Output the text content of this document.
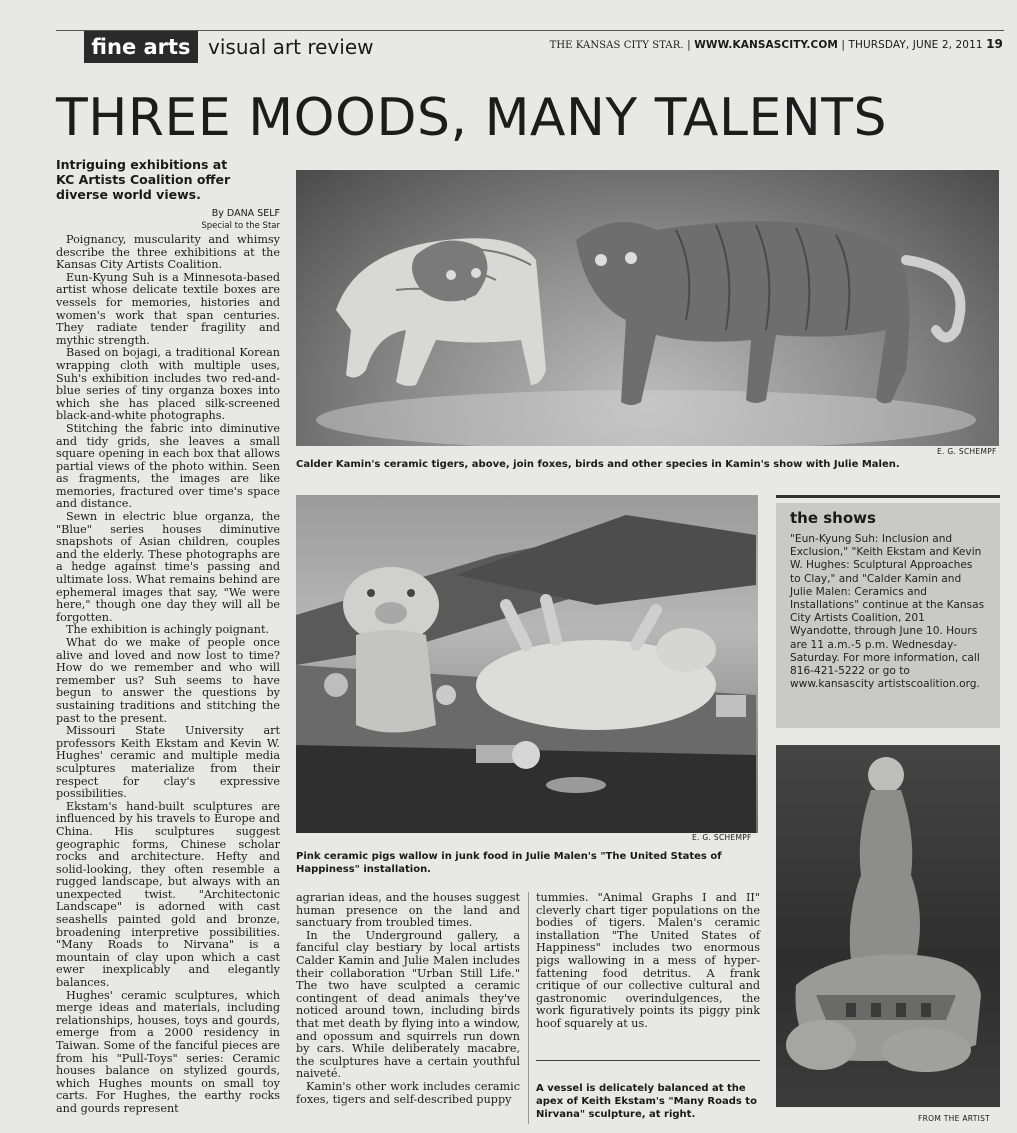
fine arts visual art review	THE KANSAS CITY STAR. | WWW.KANSASCITY.COM | THURSDAY, JUNE 2, 2011 19
THREE MOODS, MANY TALENTS
Intriguing exhibitions at KC Artists Coalition offer diverse world views.
By DANA SELF
Special to the Star

Poignancy, muscularity and whimsy describe the three exhibitions at the Kansas City Artists Coalition.

Eun-Kyung Suh is a Minnesota-based artist whose delicate textile boxes are vessels for memories, histories and women's work that span centuries. They radiate tender fragility and mythic strength.

Based on bojagi, a traditional Korean wrapping cloth with multiple uses, Suh's exhibition includes two red-and-blue series of tiny organza boxes into which she has placed silk-screened black-and-white photographs.

Stitching the fabric into diminutive and tidy grids, she leaves a small square opening in each box that allows partial views of the photo within. Seen as fragments, the images are like memories, fractured over time's space and distance.

Sewn in electric blue organza, the "Blue" series houses diminutive snapshots of Asian children, couples and the elderly. These photographs are a hedge against time's passing and ultimate loss. What remains behind are ephemeral images that say, "We were here," though one day they will all be forgotten.

The exhibition is achingly poignant.

What do we make of people once alive and loved and now lost to time? How do we remember and who will remember us? Suh seems to have begun to answer the questions by sustaining traditions and stitching the past to the present.

Missouri State University art professors Keith Ekstam and Kevin W. Hughes' ceramic and multiple media sculptures materialize from their respect for clay's expressive possibilities.

Ekstam's hand-built sculptures are influenced by his travels to Europe and China. His sculptures suggest geographic forms, Chinese scholar rocks and architecture. Hefty and solid-looking, they often resemble a rugged landscape, but always with an unexpected twist. "Architectonic Landscape" is adorned with cast seashells painted gold and bronze, broadening interpretive possibilities. "Many Roads to Nirvana" is a mountain of clay upon which a cast ewer inexplicably and elegantly balances.

Hughes' ceramic sculptures, which merge ideas and materials, including relationships, houses, toys and gourds, emerge from a 2000 residency in Taiwan. Some of the fanciful pieces are from his "Pull-Toys" series: Ceramic houses balance on stylized gourds, which Hughes mounts on small toy carts. For Hughes, the earthy rocks and gourds represent

E. G. SCHEMPF
Calder Kamin's ceramic tigers, above, join foxes, birds and other species in Kamin's show with Julie Malen.
E. G. SCHEMPF
Pink ceramic pigs wallow in junk food in Julie Malen's "The United States of Happiness" installation.
the shows
"Eun-Kyung Suh: Inclusion and Exclusion," "Keith Ekstam and Kevin W. Hughes: Sculptural Approaches to Clay," and "Calder Kamin and Julie Malen: Ceramics and Installations" continue at the Kansas City Artists Coalition, 201 Wyandotte, through June 10. Hours are 11 a.m.-5 p.m. Wednesday-Saturday. For more information, call 816-421-5222 or go to www.kansascity artistscoalition.org.
FROM THE ARTIST

agrarian ideas, and the houses suggest human presence on the land and sanctuary from troubled times.

In the Underground gallery, a fanciful clay bestiary by local artists Calder Kamin and Julie Malen includes their collaboration "Urban Still Life." The two have sculpted a ceramic contingent of dead animals they've noticed around town, including birds that met death by flying into a window, and opossum and squirrels run down by cars. While deliberately macabre, the sculptures have a certain youthful naiveté.

Kamin's other work includes ceramic foxes, tigers and self-described puppy

tummies. "Animal Graphs I and II" cleverly chart tiger populations on the bodies of tigers. Malen's ceramic installation "The United States of Happiness" includes two enormous pigs wallowing in a mess of hyper-fattening food detritus. A frank critique of our collective cultural and gastronomic overindulgences, the work figuratively points its piggy pink hoof squarely at us.

A vessel is delicately balanced at the apex of Keith Ekstam's "Many Roads to Nirvana" sculpture, at right.
